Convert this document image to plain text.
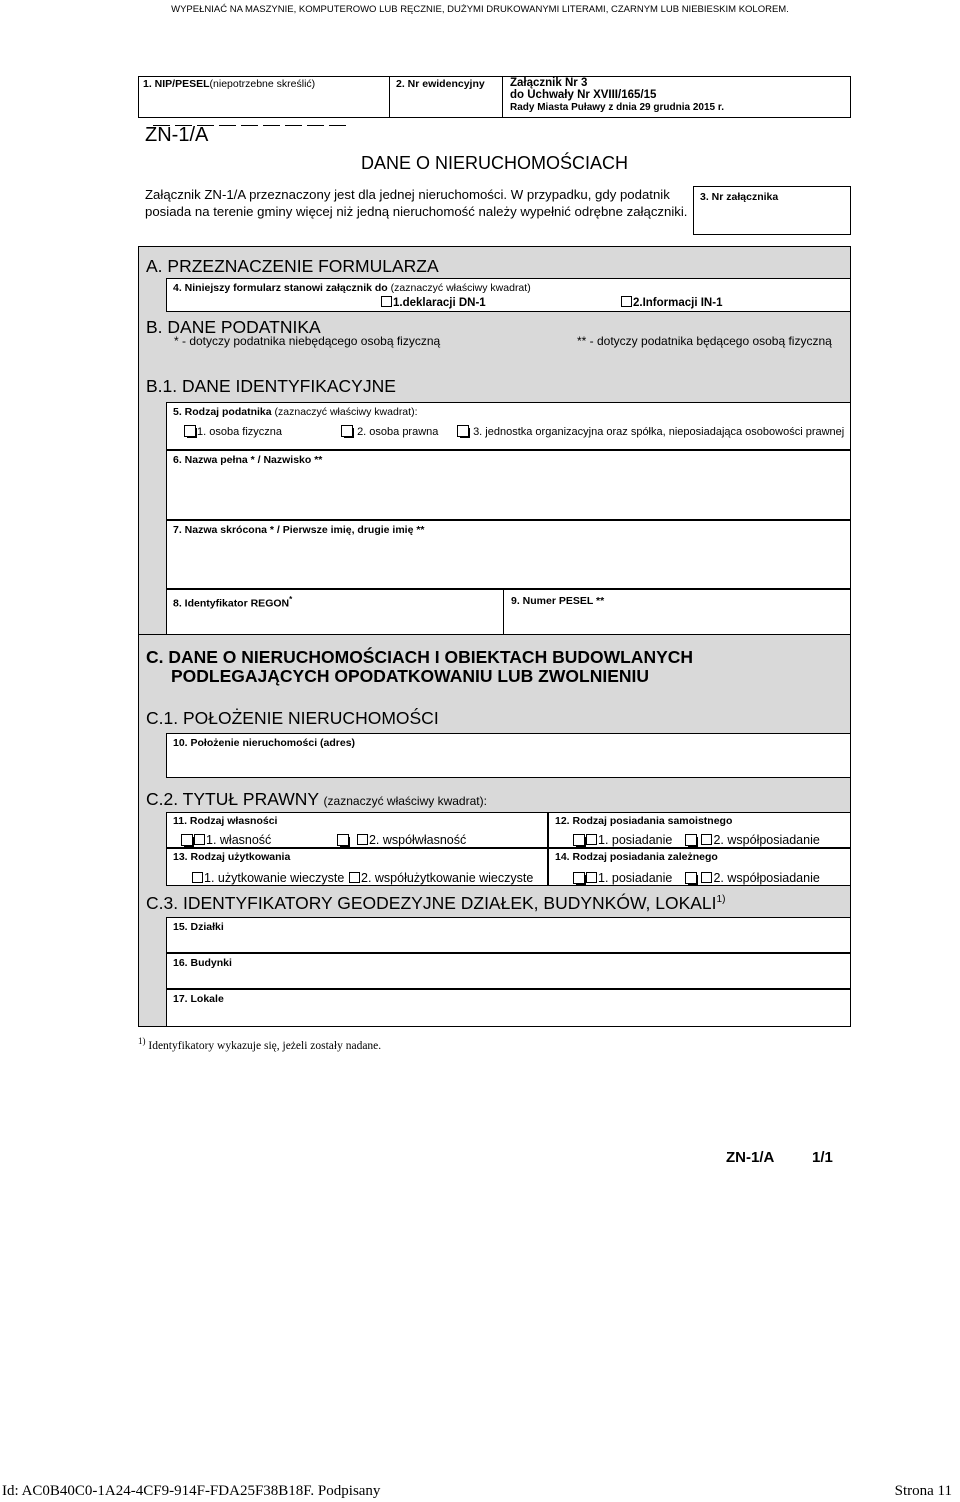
WYPEŁNIAĆ NA MASZYNIE, KOMPUTEROWO LUB RĘCZNIE, DUŻYMI DRUKOWANYMI LITERAMI, CZARNYM LUB NIEBIESKIM KOLOREM.
1. NIP/PESEL(niepotrzebne skreślić)	2. Nr ewidencyjny Załącznik Nr 3
do Uchwały Nr XVIII/165/15
Rady Miasta Puławy z dnia 29 grudnia 2015 r.
ZN-1/A
DANE O NIERUCHOMOŚCIACH
Załącznik ZN-1/A przeznaczony jest dla jednej nieruchomości. W przypadku, gdy podatnik posiada na terenie gminy więcej niż jedną nieruchomość należy wypełnić odrębne załączniki.
3. Nr załącznika
A. PRZEZNACZENIE FORMULARZA
4. Niniejszy formularz stanowi załącznik do (zaznaczyć właściwy kwadrat)
1.deklaracji DN-1	2.Informacji IN-1
B. DANE PODATNIKA
* - dotyczy podatnika niebędącego osobą fizyczną	** - dotyczy podatnika będącego osobą fizyczną
B.1. DANE IDENTYFIKACYJNE
5. Rodzaj podatnika (zaznaczyć właściwy kwadrat):
1. osoba fizyczna	2. osoba prawna	3. jednostka organizacyjna oraz spółka, nieposiadająca osobowości prawnej
6. Nazwa pełna * / Nazwisko **
7. Nazwa skrócona * / Pierwsze imię, drugie imię **
8. Identyfikator REGON*	9. Numer PESEL **
C. DANE O NIERUCHOMOŚCIACH I OBIEKTACH BUDOWLANYCH
PODLEGAJĄCYCH OPODATKOWANIU LUB ZWOLNIENIU
C.1. POŁOŻENIE NIERUCHOMOŚCI
10. Położenie nieruchomości (adres)
C.2. TYTUŁ PRAWNY (zaznaczyć właściwy kwadrat):
11. Rodzaj własności
1. własność	2. współwłasność
12. Rodzaj posiadania samoistnego
1. posiadanie	2. współposiadanie
13. Rodzaj użytkowania
1. użytkowanie wieczyste	2. współużytkowanie wieczyste
14. Rodzaj posiadania zależnego
1. posiadanie	2. współposiadanie
C.3. IDENTYFIKATORY GEODEZYJNE DZIAŁEK, BUDYNKÓW, LOKALI$^{1)}$
15. Działki
16. Budynki
17. Lokale
$^{1)}$ Identyfikatory wykazuje się, jeżeli zostały nadane.
ZN-1/A	1/1
Id: AC0B40C0-1A24-4CF9-914F-FDA25F38B18F. Podpisany	Strona 11
